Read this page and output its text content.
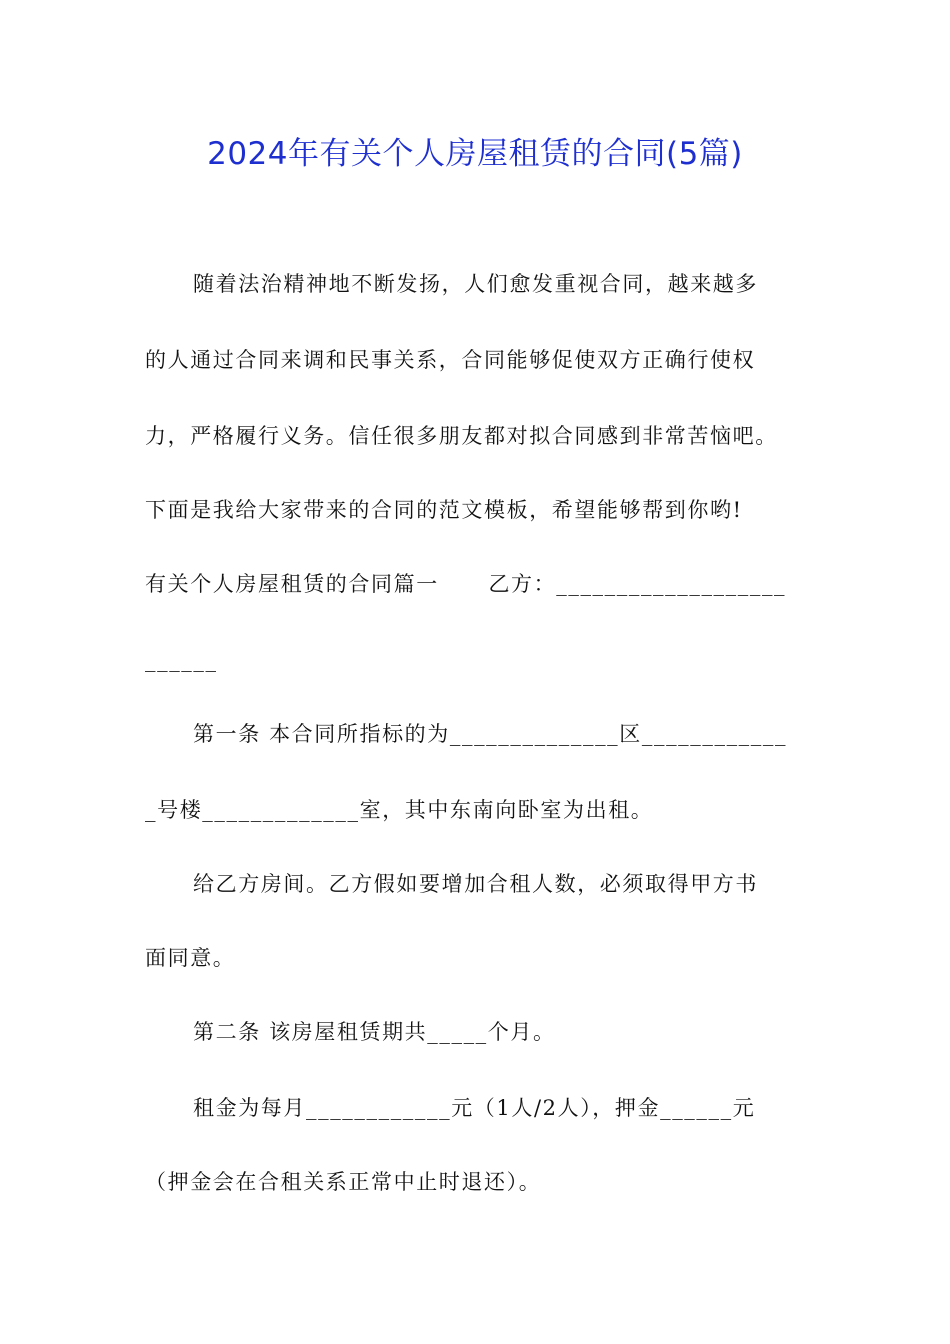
2024年有关个人房屋租赁的合同(5篇)
随着法治精神地不断发扬，人们愈发重视合同，越来越多
的人通过合同来调和民事关系，合同能够促使双方正确行使权
力，严格履行义务。信任很多朋友都对拟合同感到非常苦恼吧。
下面是我给大家带来的合同的范文模板，希望能够帮到你哟!
有关个人房屋租赁的合同篇一      乙方：___________________
______
第一条 本合同所指标的为______________区____________
_号楼_____________室，其中东南向卧室为出租。
给乙方房间。乙方假如要增加合租人数，必须取得甲方书
面同意。
第二条 该房屋租赁期共_____个月。
租金为每月____________元（1人/2人），押金______元
（押金会在合租关系正常中止时退还）。
